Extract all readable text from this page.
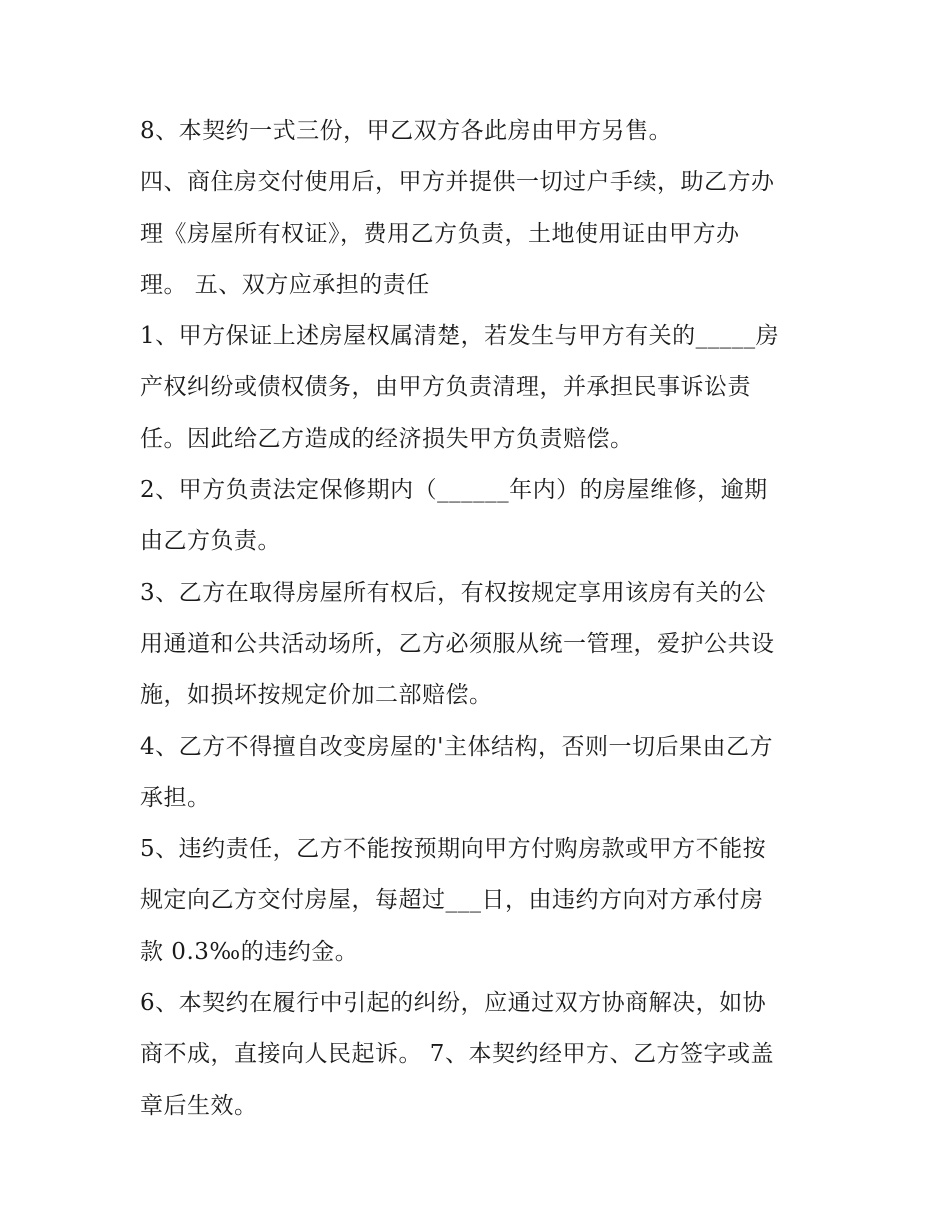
8、本契约一式三份，甲乙双方各此房由甲方另售。
四、商住房交付使用后，甲方并提供一切过户手续，助乙方办
理《房屋所有权证》，费用乙方负责，土地使用证由甲方办
理。 五、双方应承担的责任
1、甲方保证上述房屋权属清楚，若发生与甲方有关的_____房
产权纠纷或债权债务，由甲方负责清理，并承担民事诉讼责
任。因此给乙方造成的经济损失甲方负责赔偿。
2、甲方负责法定保修期内（______年内）的房屋维修，逾期
由乙方负责。
3、乙方在取得房屋所有权后，有权按规定享用该房有关的公
用通道和公共活动场所，乙方必须服从统一管理，爱护公共设
施，如损坏按规定价加二部赔偿。
4、乙方不得擅自改变房屋的'主体结构，否则一切后果由乙方
承担。
5、违约责任，乙方不能按预期向甲方付购房款或甲方不能按
规定向乙方交付房屋，每超过___日，由违约方向对方承付房
款 0.3‰的违约金。
6、本契约在履行中引起的纠纷，应通过双方协商解决，如协
商不成，直接向人民起诉。 7、本契约经甲方、乙方签字或盖
章后生效。
